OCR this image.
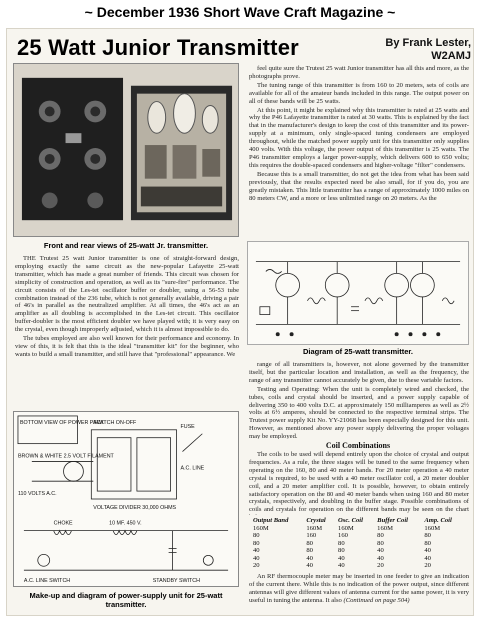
~ December 1936 Short Wave Craft Magazine ~
25 Watt Junior Transmitter	By Frank Lester,
W2AMJ
Front and rear views of 25-watt Jr. transmitter.

THE Trutest 25 watt Junior transmitter is one of straight-forward design, employing exactly the same circuit as the new-popular Lafayette 25-watt transmitter, which has made a great number of friends. This circuit was chosen for simplicity of construction and operation, as well as its "sure-fire" performance. The circuit consists of the Les-tet oscillator buffer or doubler, using a 56-53 tube combination instead of the 236 tube, which is not generally available, driving a pair of 46's in parallel as the neutralized amplifier. At all times, the 46's act as an amplifier as all doubling is accomplished in the Les-tet circuit. This oscillator buffer-doubler is the most efficient doubler we have played with; it is very easy on the crystal, even though improperly adjusted, which it is almost impossible to do.

The tubes employed are also well known for their performance and economy. In view of this, it is felt that this is the ideal "transmitter kit" for the beginner, who wants to build a small transmitter, and still have that "professional" appearance. We

feel quite sure the Trutest 25 watt Junior transmitter has all this and more, as the photographs prove.

The tuning range of this transmitter is from 160 to 20 meters, sets of coils are available for all of the amateur bands included in this range. The output power on all of these bands will be 25 watts.

At this point, it might be explained why this transmitter is rated at 25 watts and why the P46 Lafayette transmitter is rated at 30 watts. This is explained by the fact that in the manufacturer's design to keep the cost of this transmitter and its power-supply at a minimum, only single-spaced tuning condensers are employed throughout, while the matched power supply unit for this transmitter only supplies 400 volts. With this voltage, the power output of this transmitter is 25 watts. The P46 transmitter employs a larger power-supply, which delivers 600 to 650 volts; this requires the double-spaced condensers and higher-voltage "filter" condensers.

Because this is a small transmitter, do not get the idea from what has been said previously, that the results expected need be also small, for if you do, you are greatly mistaken. This little transmitter has a range of approximately 1000 miles on 80 meters CW, and a more or less unlimited range on 20 meters. As the

Diagram of 25-watt transmitter.

range of all transmitters is, however, not alone governed by the transmitter itself, but the particular location and installation, as well as the frequency, the range of any transmitter cannot accurately be given, due to these variable factors.

Testing and Operating: When the unit is completely wired and checked, the tubes, coils and crystal should be inserted, and a power supply capable of delivering 350 to 400 volts D.C. at approximately 150 milliamperes as well as 2½ volts at 6½ amperes, should be connected to the respective terminal strips. The Trutest power supply Kit No. YY-21068 has been especially designed for this unit. However, as mentioned above any power supply delivering the proper voltages may be employed.

BOTTOM VIEW OF POWER PACK
SWITCH ON-OFF
FUSE
BROWN & WHITE 2.5 VOLT FILAMENT
110 VOLTS A.C.
VOLTAGE DIVIDER 30,000 OHMS
A.C. LINE
10 MF. 450 V.
CHOKE
STANDBY SWITCH
A.C. LINE SWITCH
Make-up and diagram of power-supply unit for 25-watt transmitter.
Coil Combinations

The coils to be used will depend entirely upon the choice of crystal and output frequencies. As a rule, the three stages will be tuned to the same frequency when operating on the 160, 80 and 40 meter bands. For 20 meter operation a 40 meter crystal is required, to be used with a 40 meter oscillator coil, a 20 meter doubler coil, and a 20 meter amplifier coil. It is possible, however, to obtain entirely satisfactory operation on the 80 and 40 meter bands when using 160 and 80 meter crystals, respectively, and doubling in the buffer stage. Possible combinations of coils and crystals for operation on the different bands may be seen on the chart

Output Band	Crystal	Osc. Coil	Buffer Coil	Amp. Coil
160M	160M	160M	160M	160M
80	160	160	80	80
80	80	80	80	80
40	80	80	40	40
40	40	40	40	40
20	40	40	20	20

An RF thermocouple meter may be inserted in one feeder to give an indication of the current there. While this is no indication of the power output, since different antennas will give different values of antenna current for the same power, it is very useful in tuning the antenna. It also (Continued on page 504)
